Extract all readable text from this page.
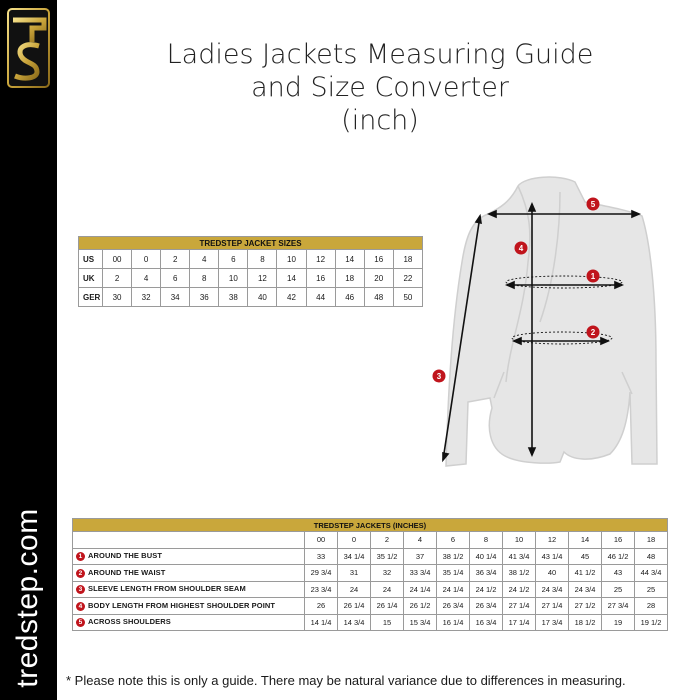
tredstep.com
Ladies Jackets Measuring Guide
and Size Converter
(inch)
TREDSTEP JACKET SIZES											
US	00	0	2	4	6	8	10	12	14	16	18
UK	2	4	6	8	10	12	14	16	18	20	22
GER	30	32	34	36	38	40	42	44	46	48	50
1
2
3
4
5
TREDSTEP JACKETS (INCHES)											
	00	0	2	4	6	8	10	12	14	16	18
1 AROUND THE BUST	33	34 1/4	35 1/2	37	38 1/2	40 1/4	41 3/4	43 1/4	45	46 1/2	48
2 AROUND THE WAIST	29 3/4	31	32	33 3/4	35 1/4	36 3/4	38 1/2	40	41 1/2	43	44 3/4
3 SLEEVE LENGTH FROM SHOULDER SEAM	23 3/4	24	24	24 1/4	24 1/4	24 1/2	24 1/2	24 3/4	24 3/4	25	25
4 BODY LENGTH FROM HIGHEST SHOULDER POINT	26	26 1/4	26 1/4	26 1/2	26 3/4	26 3/4	27 1/4	27 1/4	27 1/2	27 3/4	28
5 ACROSS SHOULDERS	14 1/4	14 3/4	15	15 3/4	16 1/4	16 3/4	17 1/4	17 3/4	18 1/2	19	19 1/2
* Please note this is only a guide. There may be natural variance due to differences in measuring.
